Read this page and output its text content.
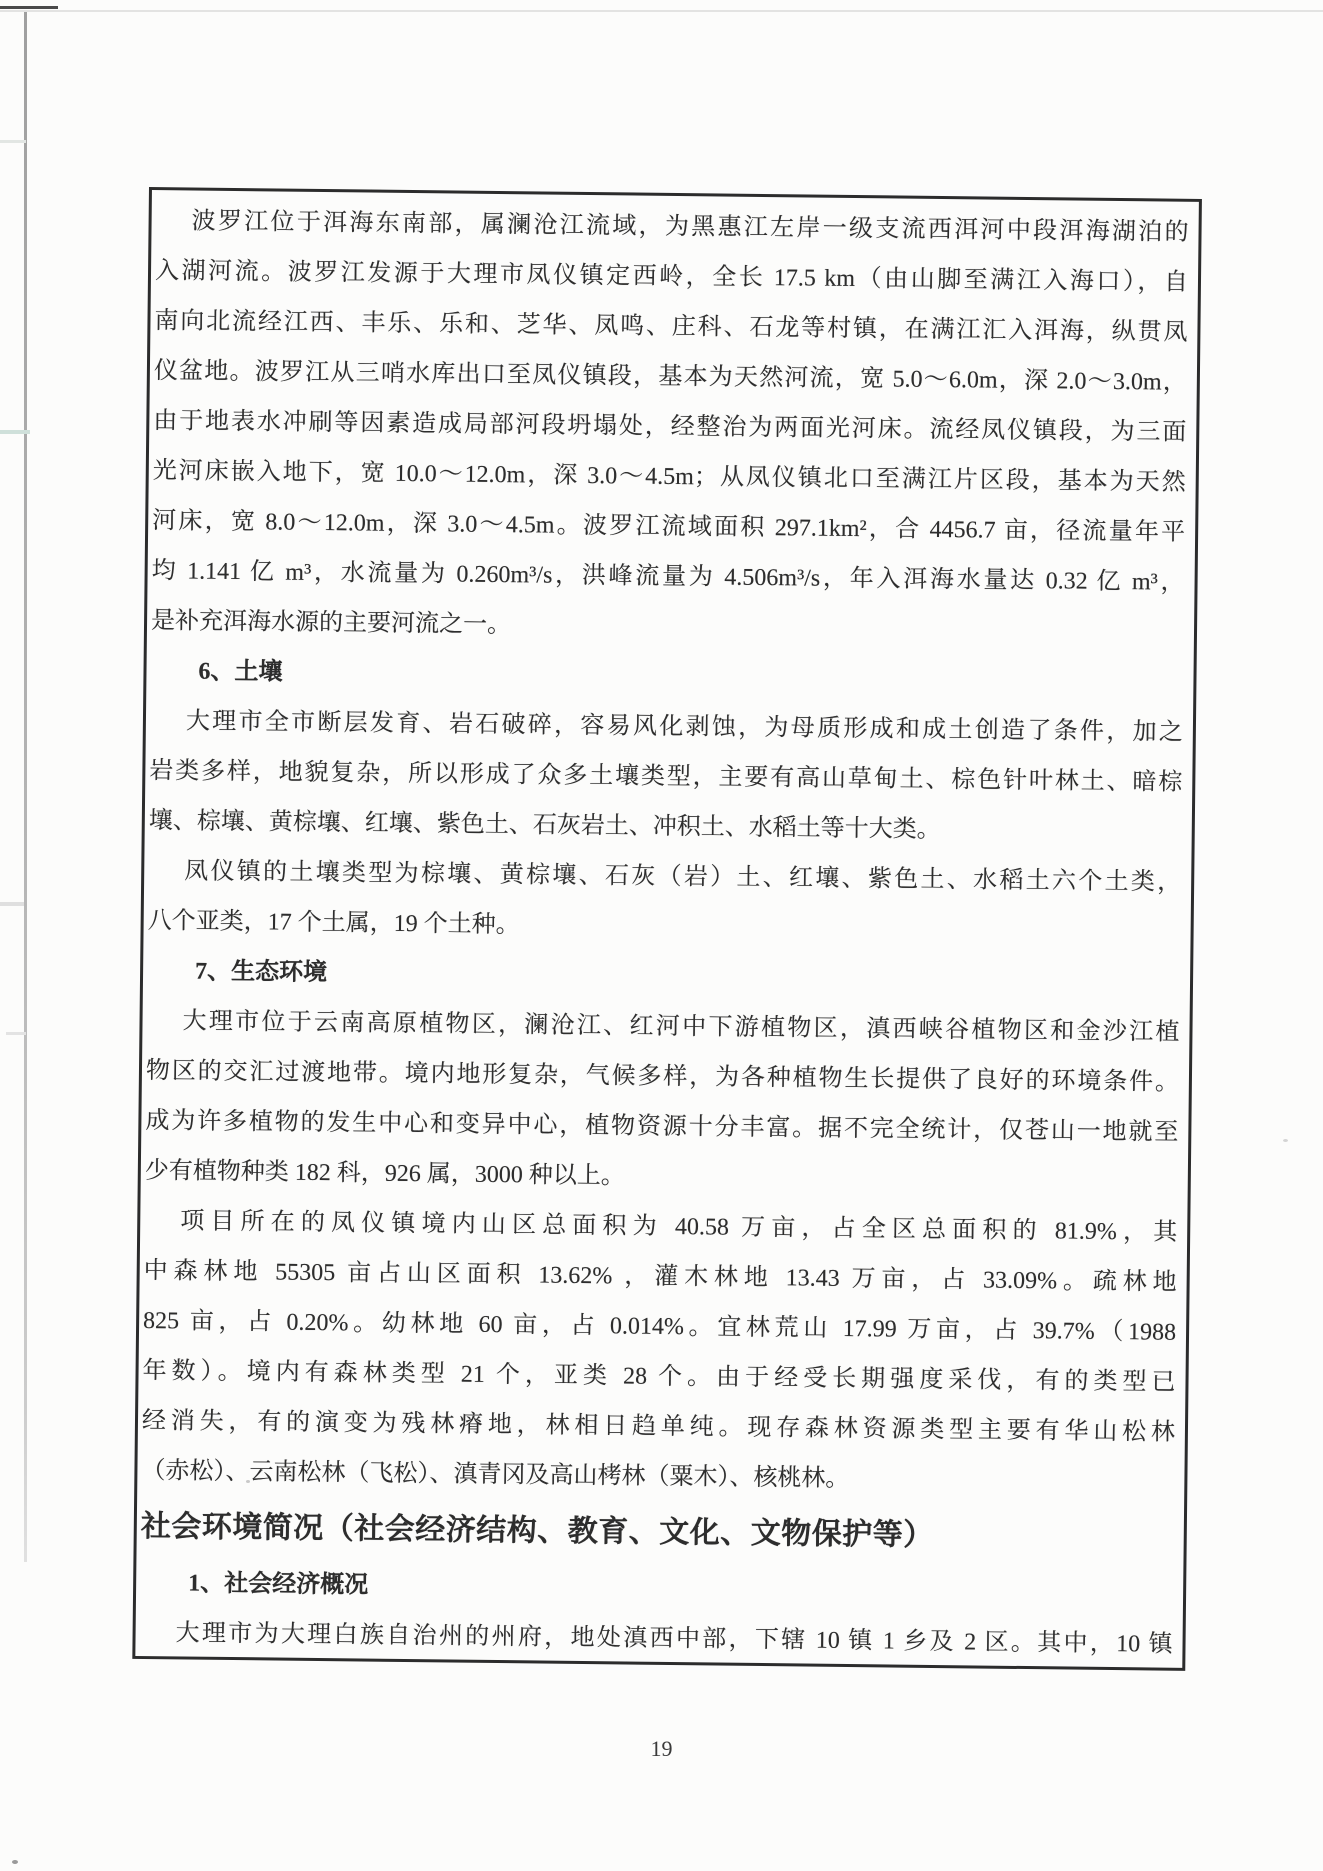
波罗江位于洱海东南部，属澜沧江流域，为黑惠江左岸一级支流西洱河中段洱海湖泊的
入湖河流。波罗江发源于大理市凤仪镇定西岭，全长 17.5 km（由山脚至满江入海口），自
南向北流经江西、丰乐、乐和、芝华、凤鸣、庄科、石龙等村镇，在满江汇入洱海，纵贯凤
仪盆地。波罗江从三哨水库出口至凤仪镇段，基本为天然河流，宽 5.0～6.0m，深 2.0～3.0m，
由于地表水冲刷等因素造成局部河段坍塌处，经整治为两面光河床。流经凤仪镇段，为三面
光河床嵌入地下，宽 10.0～12.0m，深 3.0～4.5m；从凤仪镇北口至满江片区段，基本为天然
河床，宽 8.0～12.0m，深 3.0～4.5m。波罗江流域面积 297.1km²，合 4456.7 亩，径流量年平
均 1.141 亿 m³，水流量为 0.260m³/s，洪峰流量为 4.506m³/s，年入洱海水量达 0.32 亿 m³，
是补充洱海水源的主要河流之一。
6、土壤
大理市全市断层发育、岩石破碎，容易风化剥蚀，为母质形成和成土创造了条件，加之
岩类多样，地貌复杂，所以形成了众多土壤类型，主要有高山草甸土、棕色针叶林土、暗棕
壤、棕壤、黄棕壤、红壤、紫色土、石灰岩土、冲积土、水稻土等十大类。
凤仪镇的土壤类型为棕壤、黄棕壤、石灰（岩）土、红壤、紫色土、水稻土六个土类，
八个亚类，17 个土属，19 个土种。
7、生态环境
大理市位于云南高原植物区，澜沧江、红河中下游植物区，滇西峡谷植物区和金沙江植
物区的交汇过渡地带。境内地形复杂，气候多样，为各种植物生长提供了良好的环境条件。
成为许多植物的发生中心和变异中心，植物资源十分丰富。据不完全统计，仅苍山一地就至
少有植物种类 182 科，926 属，3000 种以上。
项目所在的凤仪镇境内山区总面积为 40.58 万亩，占全区总面积的 81.9%，其
中森林地 55305 亩占山区面积 13.62% ，灌木林地 13.43 万亩，占 33.09%。疏林地
825 亩，占 0.20%。幼林地 60 亩，占 0.014%。宜林荒山 17.99 万亩，占 39.7%（1988
年数）。境内有森林类型 21 个，亚类 28 个。由于经受长期强度采伐，有的类型已
经消失，有的演变为残林瘠地，林相日趋单纯。现存森林资源类型主要有华山松林
（赤松）、云南松林（飞松）、滇青冈及高山栲林（粟木）、核桃林。
社会环境简况（社会经济结构、教育、文化、文物保护等）
1、社会经济概况
大理市为大理白族自治州的州府，地处滇西中部，下辖 10 镇 1 乡及 2 区。其中，10 镇
19
